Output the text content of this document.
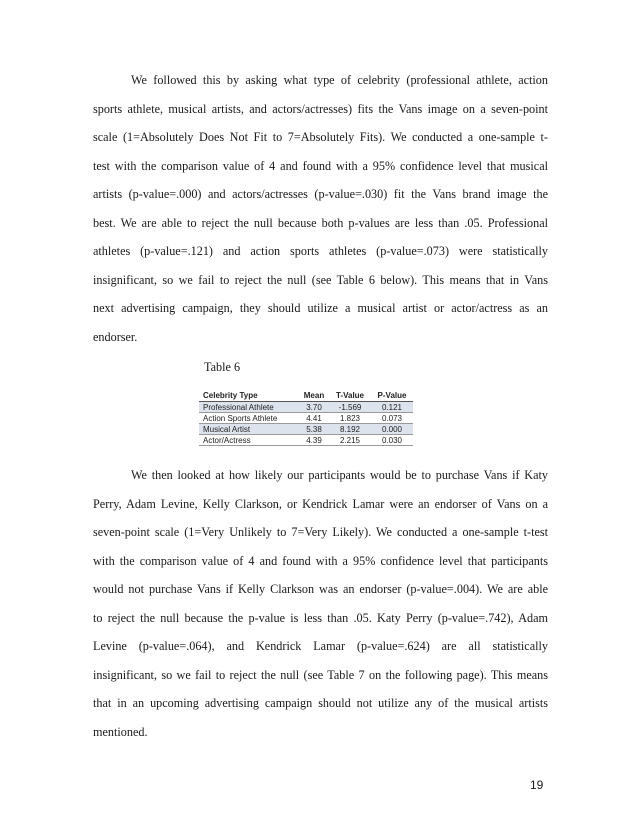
We followed this by asking what type of celebrity (professional athlete, action
sports athlete, musical artists, and actors/actresses) fits the Vans image on a seven-point
scale (1=Absolutely Does Not Fit to 7=Absolutely Fits). We conducted a one-sample t-
test with the comparison value of 4 and found with a 95% confidence level that musical
artists (p-value=.000) and actors/actresses (p-value=.030) fit the Vans brand image the
best. We are able to reject the null because both p-values are less than .05. Professional
athletes (p-value=.121) and action sports athletes (p-value=.073) were statistically
insignificant, so we fail to reject the null (see Table 6 below). This means that in Vans
next advertising campaign, they should utilize a musical artist or actor/actress as an
endorser.

Table 6

Celebrity Type	Mean	T-Value	P-Value
Professional Athlete	3.70	-1.569	0.121
Action Sports Athlete	4.41	1.823	0.073
Musical Artist	5.38	8.192	0.000
Actor/Actress	4.39	2.215	0.030
We then looked at how likely our participants would be to purchase Vans if Katy
Perry, Adam Levine, Kelly Clarkson, or Kendrick Lamar were an endorser of Vans on a
seven-point scale (1=Very Unlikely to 7=Very Likely). We conducted a one-sample t-test
with the comparison value of 4 and found with a 95% confidence level that participants
would not purchase Vans if Kelly Clarkson was an endorser (p-value=.004). We are able
to reject the null because the p-value is less than .05. Katy Perry (p-value=.742), Adam
Levine (p-value=.064), and Kendrick Lamar (p-value=.624) are all statistically
insignificant, so we fail to reject the null (see Table 7 on the following page). This means
that in an upcoming advertising campaign should not utilize any of the musical artists
mentioned.

19
